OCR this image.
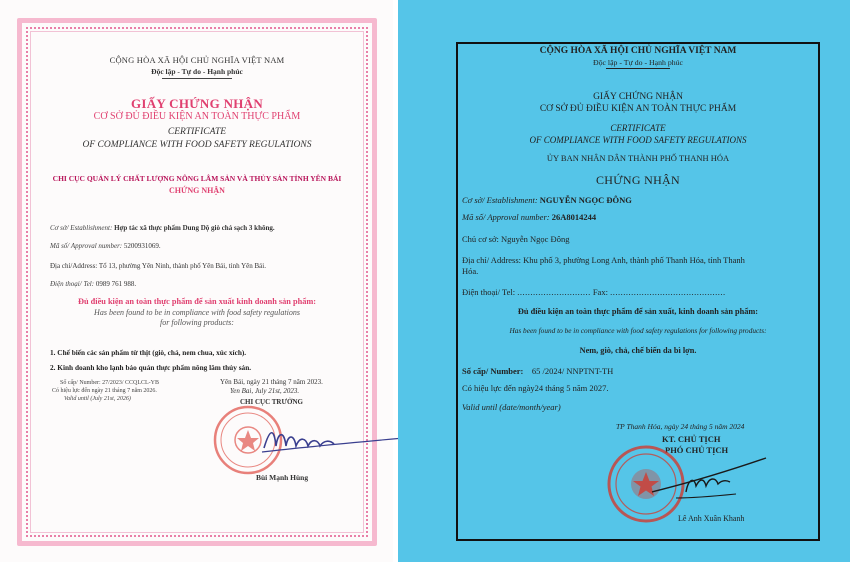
CỘNG HÒA XÃ HỘI CHỦ NGHĨA VIỆT NAM
Độc lập - Tự do - Hạnh phúc
GIẤY CHỨNG NHẬN
CƠ SỞ ĐỦ ĐIỀU KIỆN AN TOÀN THỰC PHẨM
CERTIFICATE
OF COMPLIANCE WITH FOOD SAFETY REGULATIONS
CHI CỤC QUẢN LÝ CHẤT LƯỢNG NÔNG LÂM SẢN VÀ THỦY SẢN TỈNH YÊN BÁI
CHỨNG NHẬN
Cơ sở/ Establishment: Hợp tác xã thực phẩm Dung Dộ giò chả sạch 3 không.
Mã số/ Approval number: 5200931069.
Địa chỉ/Address: Tổ 13, phường Yên Ninh, thành phố Yên Bái, tỉnh Yên Bái.
Điện thoại/ Tel: 0989 761 988.
Đủ điều kiện an toàn thực phẩm để sản xuất kinh doanh sản phẩm:
Has been found to be in compliance with food safety regulations
for following products:
1. Chế biến các sản phẩm từ thịt (giò, chả, nem chua, xúc xích).
2. Kinh doanh kho lạnh bảo quản thực phẩm nông lâm thủy sản.
Số cấp/ Number: 27/2023/ CCQLCL-YB
Có hiệu lực đến ngày 21 tháng 7 năm 2026.
Valid until (July 21st, 2026)
Yên Bái, ngày 21 tháng 7 năm 2023.
Yen Bai, July 21st, 2023.
CHI CỤC TRƯỞNG
Bùi Mạnh Hùng
CỘNG HÒA XÃ HỘI CHỦ NGHĨA VIỆT NAM
Độc lập - Tự do - Hạnh phúc
GIẤY CHỨNG NHẬN
CƠ SỞ ĐỦ ĐIỀU KIỆN AN TOÀN THỰC PHẨM
CERTIFICATE
OF COMPLIANCE WITH FOOD SAFETY REGULATIONS
ỦY BAN NHÂN DÂN THÀNH PHỐ THANH HÓA
CHỨNG NHẬN
Cơ sở/ Establishment: NGUYỄN NGỌC ĐÔNG
Mã số/ Approval number: 26A8014244
Chủ cơ sở: Nguyễn Ngọc Đông
Địa chỉ/ Address: Khu phố 3, phường Long Anh, thành phố Thanh Hóa, tỉnh Thanh
Hóa.
Điện thoại/ Tel: ............................ Fax: ............................................
Đủ điều kiện an toàn thực phẩm để sản xuất, kinh doanh sản phẩm:
Has been found to be in compliance with food safety regulations for following products:
Nem, giò, chả, chế biến da bì lợn.
Số cấp/ Number: 65 /2024/ NNPTNT-TH
Có hiệu lực đến ngày24 tháng 5 năm 2027.
Valid until (date/month/year)
TP Thanh Hóa, ngày 24 tháng 5 năm 2024
KT. CHỦ TỊCH
PHÓ CHỦ TỊCH
Lê Anh Xuân Khanh
